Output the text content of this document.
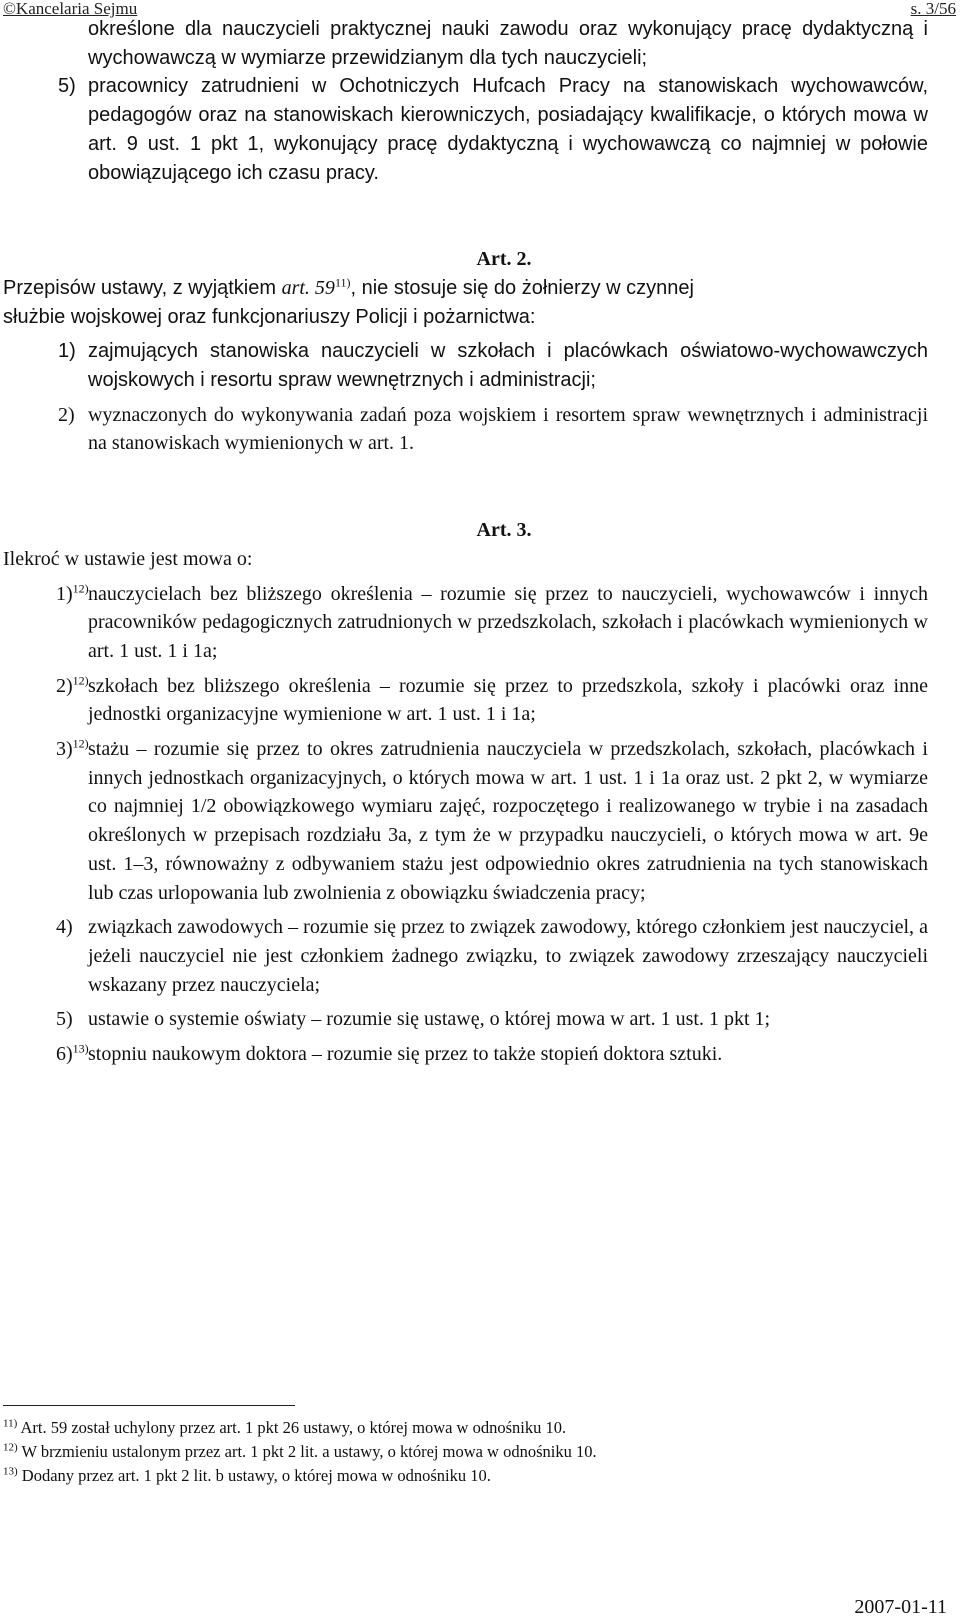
©Kancelaria Sejmu	s. 3/56

określone dla nauczycieli praktycznej nauki zawodu oraz wykonujący pracę dydaktyczną i wychowawczą w wymiarze przewidzianym dla tych nauczycieli;

5) pracownicy zatrudnieni w Ochotniczych Hufcach Pracy na stanowiskach wychowawców, pedagogów oraz na stanowiskach kierowniczych, posiadający kwalifikacje, o których mowa w art. 9 ust. 1 pkt 1, wykonujący pracę dydaktyczną i wychowawczą co najmniej w połowie obowiązującego ich czasu pracy.
Art. 2.

Przepisów ustawy, z wyjątkiem art. 59$^{11)}$, nie stosuje się do żołnierzy w czynnej
służbie wojskowej oraz funkcjonariuszy Policji i pożarnictwa:

1) zajmujących stanowiska nauczycieli w szkołach i placówkach oświatowo-wychowawczych wojskowych i resortu spraw wewnętrznych i administracji;
2) wyznaczonych do wykonywania zadań poza wojskiem i resortem spraw wewnętrznych i administracji na stanowiskach wymienionych w art. 1.
Art. 3.

Ilekroć w ustawie jest mowa o:

1)$^{12)}$ nauczycielach bez bliższego określenia – rozumie się przez to nauczycieli, wychowawców i innych pracowników pedagogicznych zatrudnionych w przedszkolach, szkołach i placówkach wymienionych w art. 1 ust. 1 i 1a;
2)$^{12)}$ szkołach bez bliższego określenia – rozumie się przez to przedszkola, szkoły i placówki oraz inne jednostki organizacyjne wymienione w art. 1 ust. 1 i 1a;
3)$^{12)}$ stażu – rozumie się przez to okres zatrudnienia nauczyciela w przedszkolach, szkołach, placówkach i innych jednostkach organizacyjnych, o których mowa w art. 1 ust. 1 i 1a oraz ust. 2 pkt 2, w wymiarze co najmniej 1/2 obowiązkowego wymiaru zajęć, rozpoczętego i realizowanego w trybie i na zasadach określonych w przepisach rozdziału 3a, z tym że w przypadku nauczycieli, o których mowa w art. 9e ust. 1–3, równoważny z odbywaniem stażu jest odpowiednio okres zatrudnienia na tych stanowiskach lub czas urlopowania lub zwolnienia z obowiązku świadczenia pracy;
4) związkach zawodowych – rozumie się przez to związek zawodowy, którego członkiem jest nauczyciel, a jeżeli nauczyciel nie jest członkiem żadnego związku, to związek zawodowy zrzeszający nauczycieli wskazany przez nauczyciela;
5) ustawie o systemie oświaty – rozumie się ustawę, o której mowa w art. 1 ust. 1 pkt 1;
6)$^{13)}$ stopniu naukowym doktora – rozumie się przez to także stopień doktora sztuki.

$^{11)}$ Art. 59 został uchylony przez art. 1 pkt 26 ustawy, o której mowa w odnośniku 10.

$^{12)}$ W brzmieniu ustalonym przez art. 1 pkt 2 lit. a ustawy, o której mowa w odnośniku 10.

$^{13)}$ Dodany przez art. 1 pkt 2 lit. b ustawy, o której mowa w odnośniku 10.

2007-01-11
